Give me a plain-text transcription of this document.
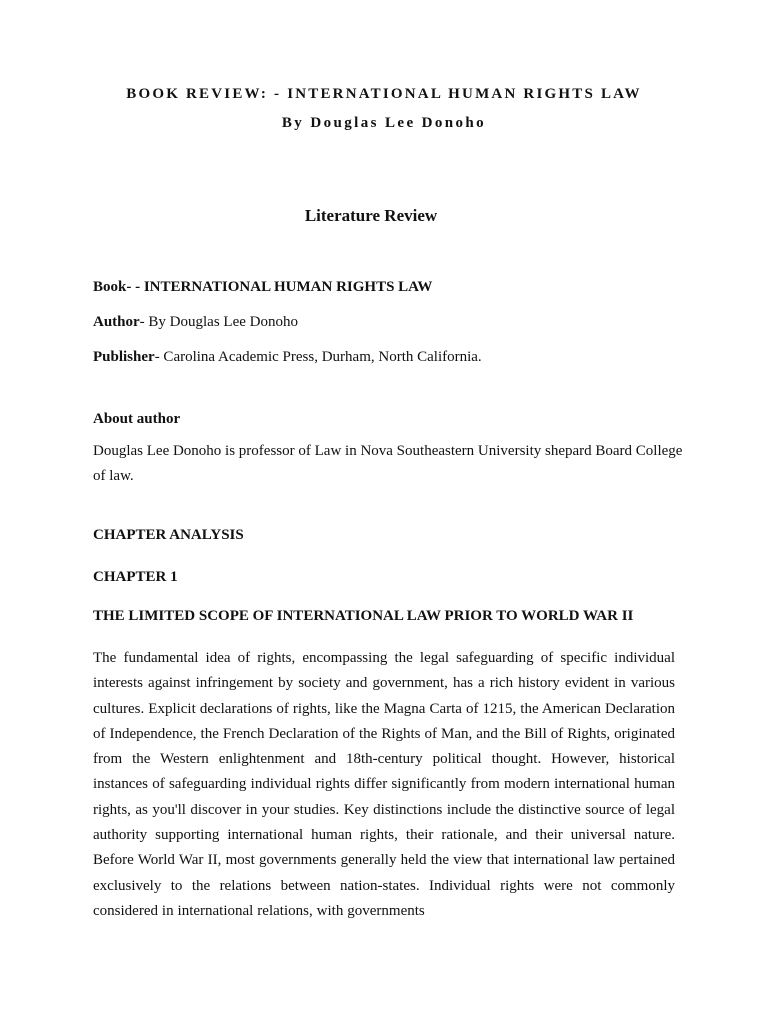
BOOK REVIEW: - INTERNATIONAL HUMAN RIGHTS LAW
By Douglas Lee Donoho
Literature Review
Book- - INTERNATIONAL HUMAN RIGHTS LAW
Author- By Douglas Lee Donoho
Publisher- Carolina Academic Press, Durham, North California.
About author
Douglas Lee Donoho is professor of Law in Nova Southeastern University shepard Board College of law.
CHAPTER ANALYSIS
CHAPTER 1
THE LIMITED SCOPE OF INTERNATIONAL LAW PRIOR TO WORLD WAR II
The fundamental idea of rights, encompassing the legal safeguarding of specific individual interests against infringement by society and government, has a rich history evident in various cultures. Explicit declarations of rights, like the Magna Carta of 1215, the American Declaration of Independence, the French Declaration of the Rights of Man, and the Bill of Rights, originated from the Western enlightenment and 18th-century political thought. However, historical instances of safeguarding individual rights differ significantly from modern international human rights, as you'll discover in your studies. Key distinctions include the distinctive source of legal authority supporting international human rights, their rationale, and their universal nature. Before World War II, most governments generally held the view that international law pertained exclusively to the relations between nation-states. Individual rights were not commonly considered in international relations, with governments
